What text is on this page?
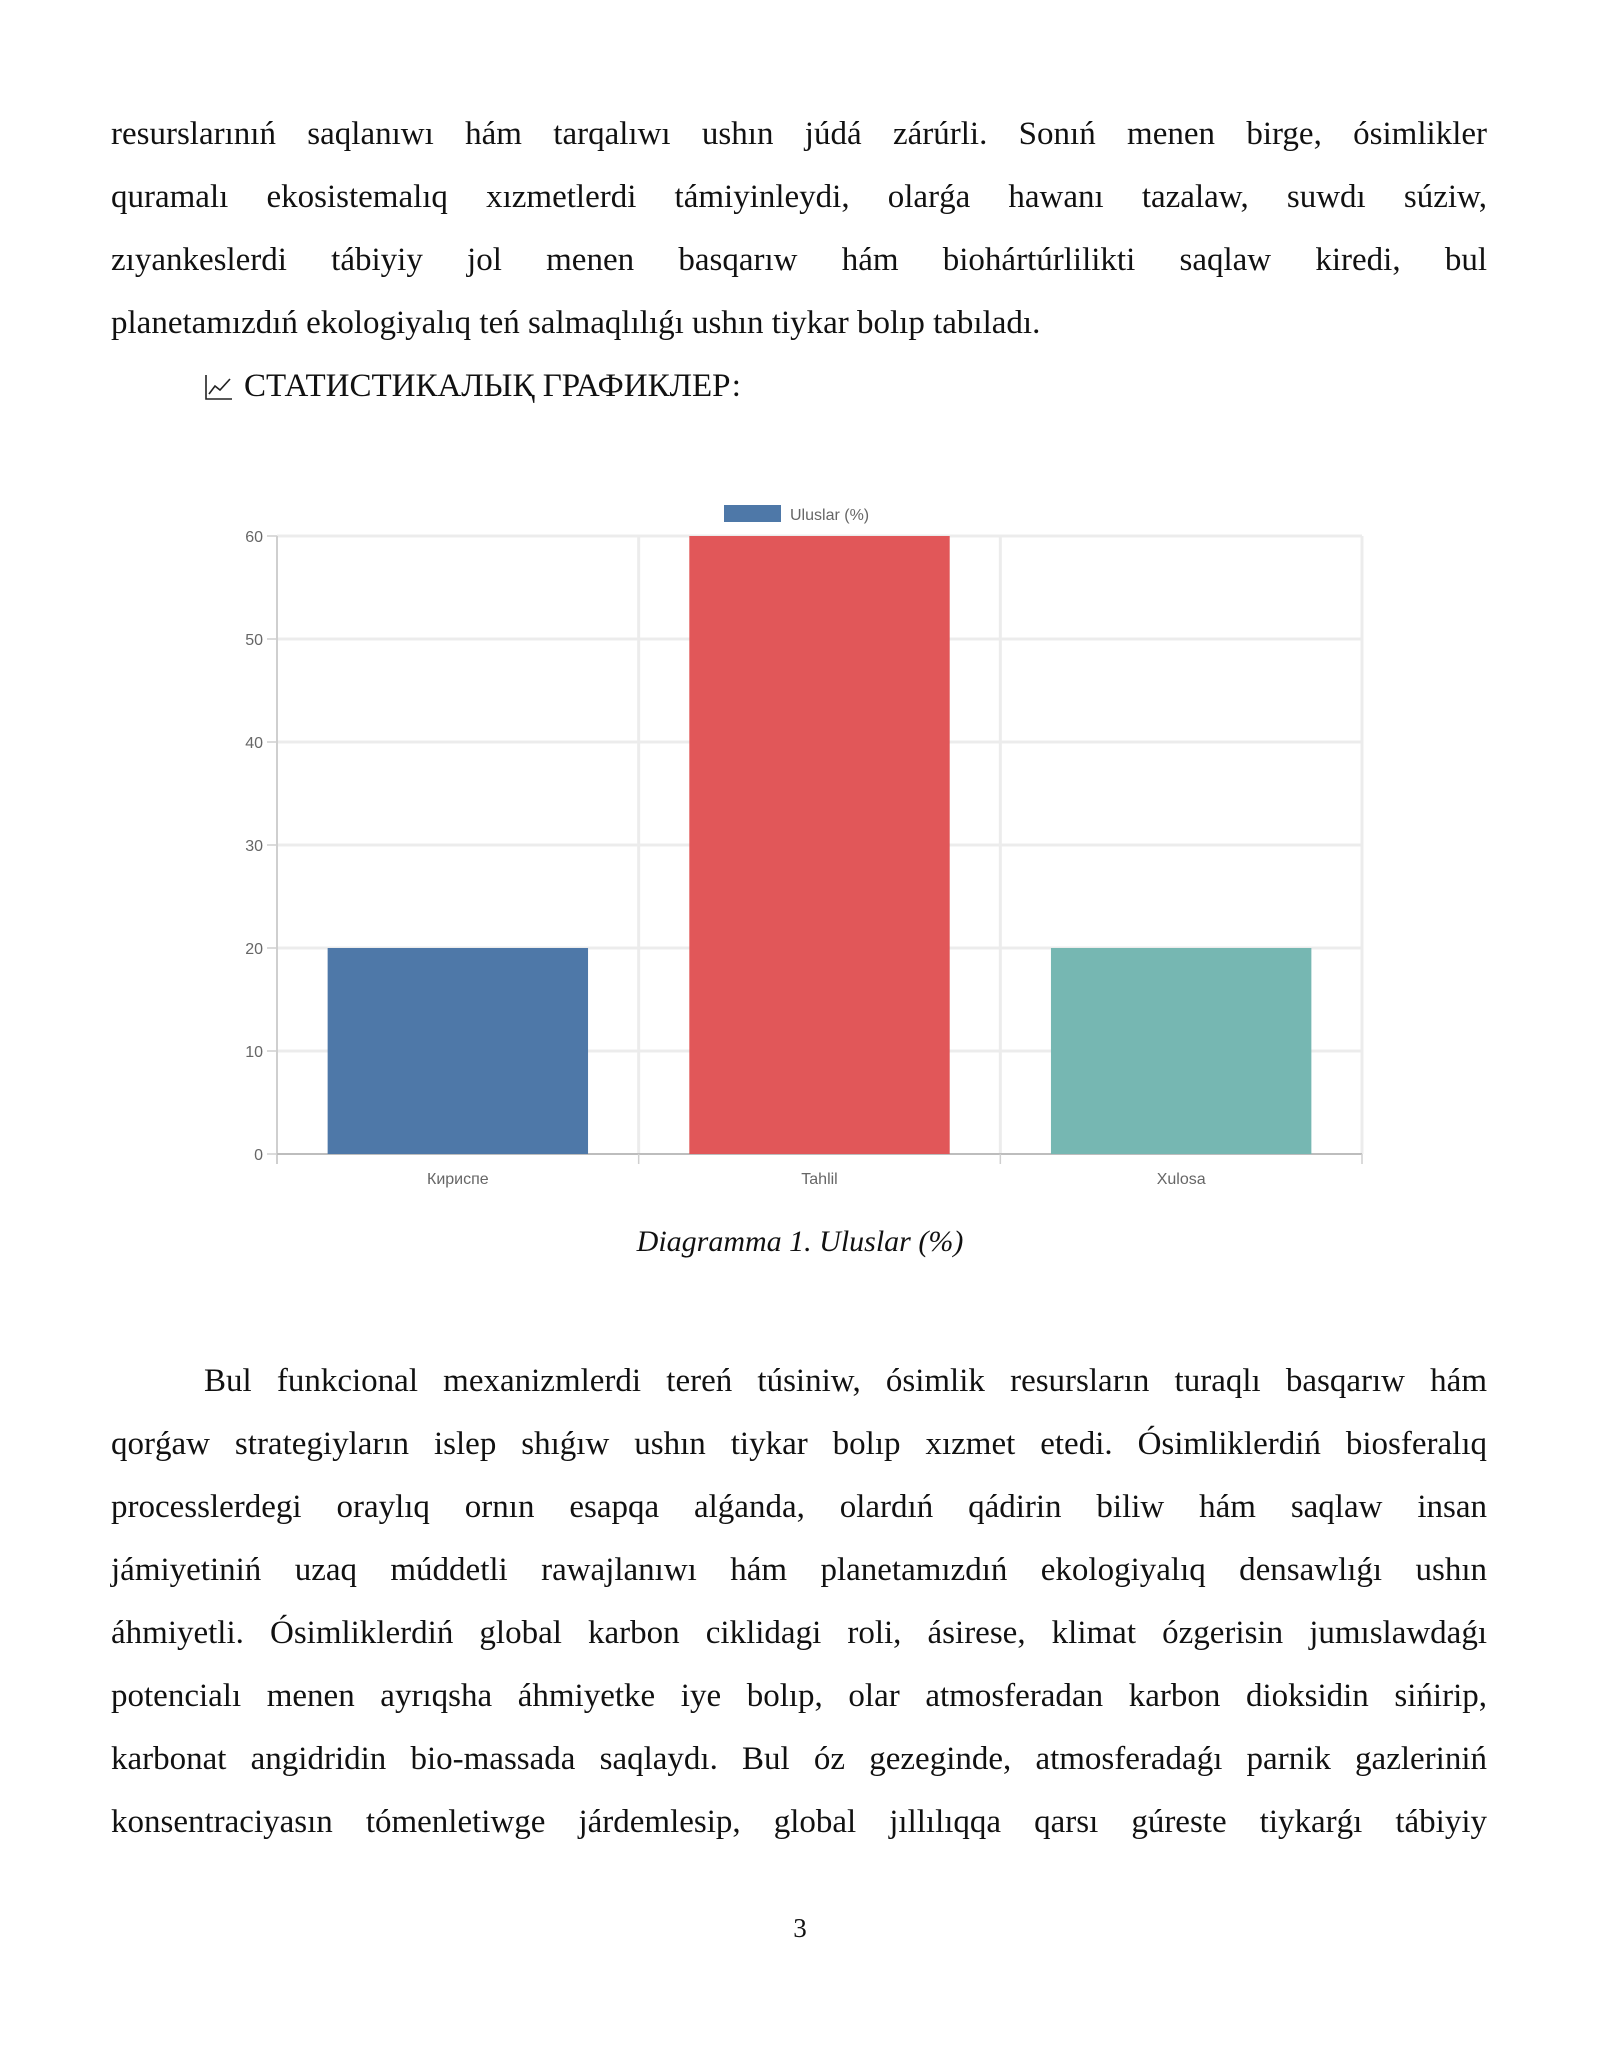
resurslarınıń saqlanıwı hám tarqalıwı ushın júdá zárúrli. Sonıń menen birge, ósimlikler
quramalı ekosistemalıq xızmetlerdi támiyinleydi, olarǵa hawanı tazalaw, suwdı súziw,
zıyankeslerdi tábiyiy jol menen basqarıw hám biohártúrlilikti saqlaw kiredi, bul
planetamızdıń ekologiyalıq teń salmaqlılıǵı ushın tiykar bolıp tabıladı.
СТАТИСТИКАЛЫҚ ГРАФИКЛЕР:
0
10
20
30
40
50
60
Кириспе	Tahlil	Xulosa
Uluslar (%)
Diagramma 1. Uluslar (%)
Bul funkcional mexanizmlerdi tereń túsiniw, ósimlik resursların turaqlı basqarıw hám
qorǵaw strategiyların islep shıǵıw ushın tiykar bolıp xızmet etedi. Ósimliklerdiń biosferalıq
processlerdegi oraylıq ornın esapqa alǵanda, olardıń qádirin biliw hám saqlaw insan
jámiyetiniń uzaq múddetli rawajlanıwı hám planetamızdıń ekologiyalıq densawlıǵı ushın
áhmiyetli. Ósimliklerdiń global karbon ciklidagi roli, ásirese, klimat ózgerisin jumıslawdaǵı
potencialı menen ayrıqsha áhmiyetke iye bolıp, olar atmosferadan karbon dioksidin sińirip,
karbonat angidridin bio-massada saqlaydı. Bul óz gezeginde, atmosferadaǵı parnik gazleriniń
konsentraciyasın tómenletiwge járdemlesip, global jıllılıqqa qarsı gúreste tiykarǵı tábiyiy
3
